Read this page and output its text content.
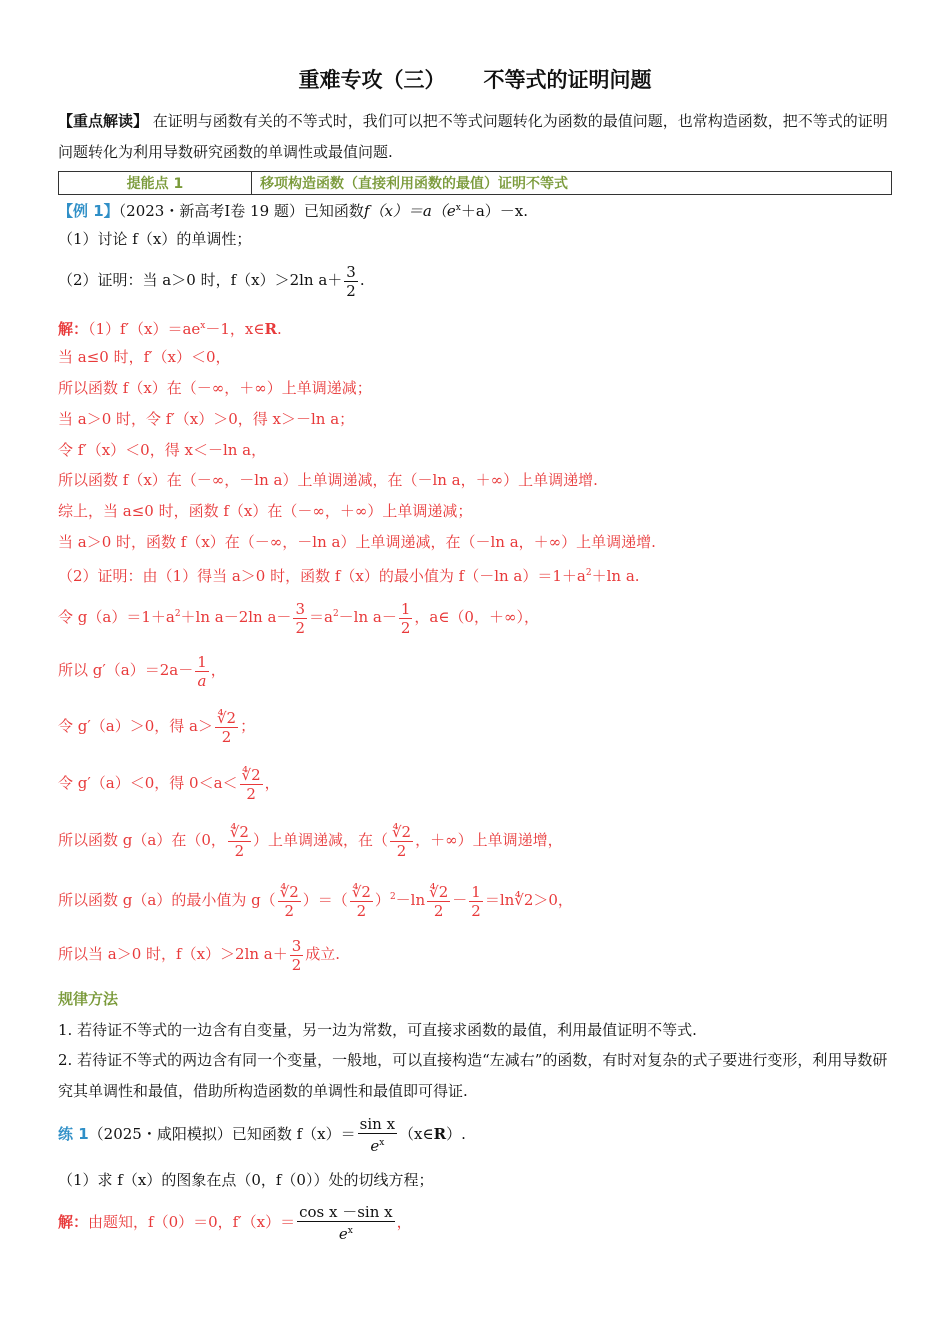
重难专攻（三） 不等式的证明问题
【重点解读】 在证明与函数有关的不等式时，我们可以把不等式问题转化为函数的最值问题，也常构造函数，把不等式的证明问题转化为利用导数研究函数的单调性或最值问题.
提能点 1	移项构造函数（直接利用函数的最值）证明不等式
【例 1】（2023・新高考Ⅰ卷 19 题）已知函数$f(x)=a(e^x+a)-x$.
（1）讨论 f（x）的单调性；
（2）证明：当 a＞0 时，f（x）＞2ln $a+ \frac{3}{2}$ .
解：$(1)f'(x)=ae^x-1$，x∈R.
当 a≤0 时，f′（x）＜0，
所以函数 f（x）在（－∞，＋∞）上单调递减；
当 a＞0 时，令 f′（x）＞0，得 x＞－ln a；
令 f′（x）＜0，得 x＜－ln a，
所以函数 f（x）在（－∞，－ln a）上单调递减，在（－ln a，＋∞）上单调递增.
综上，当 a≤0 时，函数 f（x）在（－∞，＋∞）上单调递减；
当 a＞0 时，函数 f（x）在（－∞，－ln a）上单调递减，在（－ln a，＋∞）上单调递增.
（2）证明：由（1）得当 a＞0 时，函数 f（x）的最小值为 f（－ln $a)=1+a^2+\ln$ a.
令 $g(a)=1+a^2+\ln$ a－2ln $a- \frac{3}{2} =a^2-\ln$ $a- \frac{1}{2}$ ，a∈（0，＋∞），
所以 $g'(a)=2a- \frac{1}{a}$ ，
令 g′（a）＞0，得 $a> \frac{∜2}{2}$ ；
令 g′（a）＜0，得 $0<a< \frac{∜2}{2}$ ，
所以函数 g（a）在（0， $\frac{∜2}{2}$ ）上单调递减，在（ $\frac{∜2}{2}$ ，＋∞）上单调递增，
所以函数 g（a）的最小值为 $g( \frac{∜2}{2}$ ）＝（ $\frac{∜2}{2} )^2-\ln \frac{∜2}{2} - \frac{1}{2}$ ＝ln∜2＞0，
所以当 a＞0 时，f（x）＞2ln $a+ \frac{3}{2}$ 成立.
规律方法
1. 若待证不等式的一边含有自变量，另一边为常数，可直接求函数的最值，利用最值证明不等式.
2. 若待证不等式的两边含有同一个变量，一般地，可以直接构造“左减右”的函数，有时对复杂的式子要进行变形，利用导数研究其单调性和最值，借助所构造函数的单调性和最值即可得证.
练 1（2025・咸阳模拟）已知函数 $f(x)= \frac{\text{sin x}}{e^x}$ （x∈R）.
（1）求 f（x）的图象在点（0，f（0））处的切线方程；
解：由题知，f（0）＝0，$f'(x)= \frac{\text{cos x －sin x}}{e^x}$ ，
